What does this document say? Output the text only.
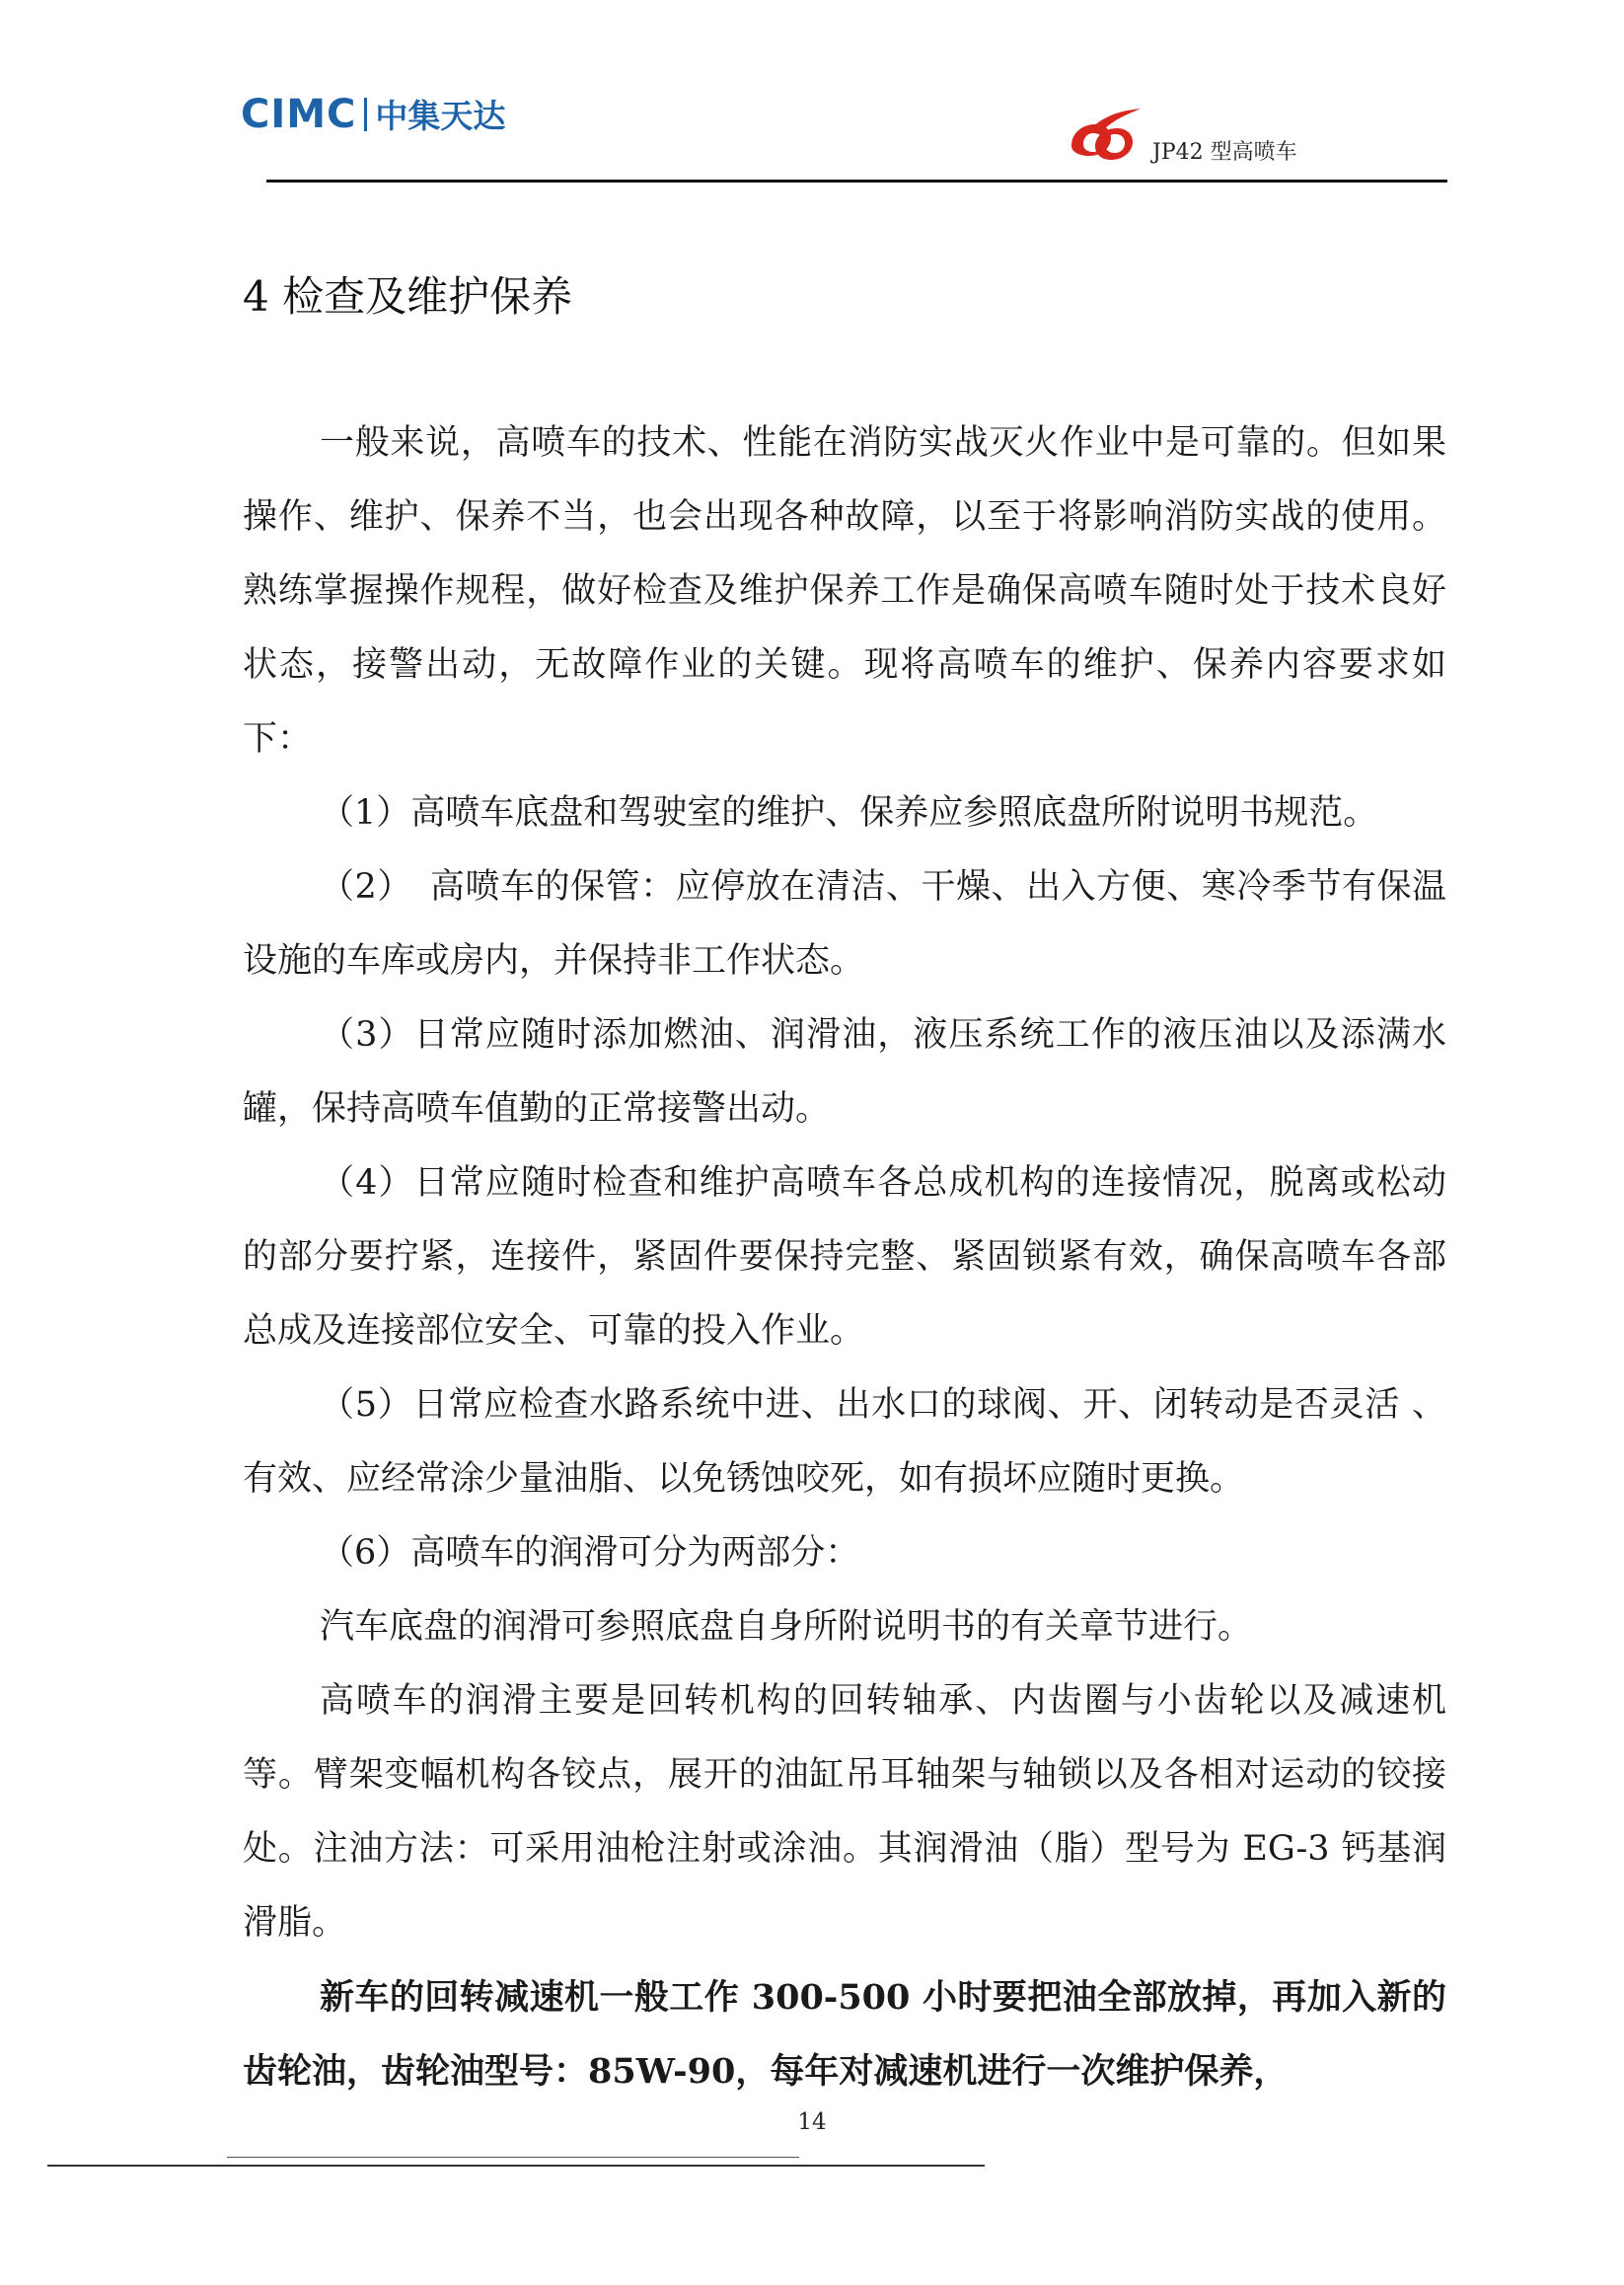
CIMC 中集天达
JP42 型高喷车
4 检查及维护保养

一般来说，高喷车的技术、性能在消防实战灭火作业中是可靠的。但如果操作、维护、保养不当，也会出现各种故障，以至于将影响消防实战的使用。熟练掌握操作规程，做好检查及维护保养工作是确保高喷车随时处于技术良好状态，接警出动，无故障作业的关键。现将高喷车的维护、保养内容要求如下：

（1）高喷车底盘和驾驶室的维护、保养应参照底盘所附说明书规范。

（2）　高喷车的保管：应停放在清洁、干燥、出入方便、寒冷季节有保温设施的车库或房内，并保持非工作状态。

（3）日常应随时添加燃油、润滑油，液压系统工作的液压油以及添满水罐，保持高喷车值勤的正常接警出动。

（4）日常应随时检查和维护高喷车各总成机构的连接情况，脱离或松动的部分要拧紧，连接件，紧固件要保持完整、紧固锁紧有效，确保高喷车各部总成及连接部位安全、可靠的投入作业。

（5）日常应检查水路系统中进、出水口的球阀、开、闭转动是否灵活 、有效、应经常涂少量油脂、以免锈蚀咬死，如有损坏应随时更换。

（6）高喷车的润滑可分为两部分：

汽车底盘的润滑可参照底盘自身所附说明书的有关章节进行。

高喷车的润滑主要是回转机构的回转轴承、内齿圈与小齿轮以及减速机等。臂架变幅机构各铰点，展开的油缸吊耳轴架与轴锁以及各相对运动的铰接处。注油方法：可采用油枪注射或涂油。其润滑油（脂）型号为 EG-3 钙基润滑脂。

新车的回转减速机一般工作 300-500 小时要把油全部放掉，再加入新的齿轮油，齿轮油型号：85W-90，每年对减速机进行一次维护保养，

14
